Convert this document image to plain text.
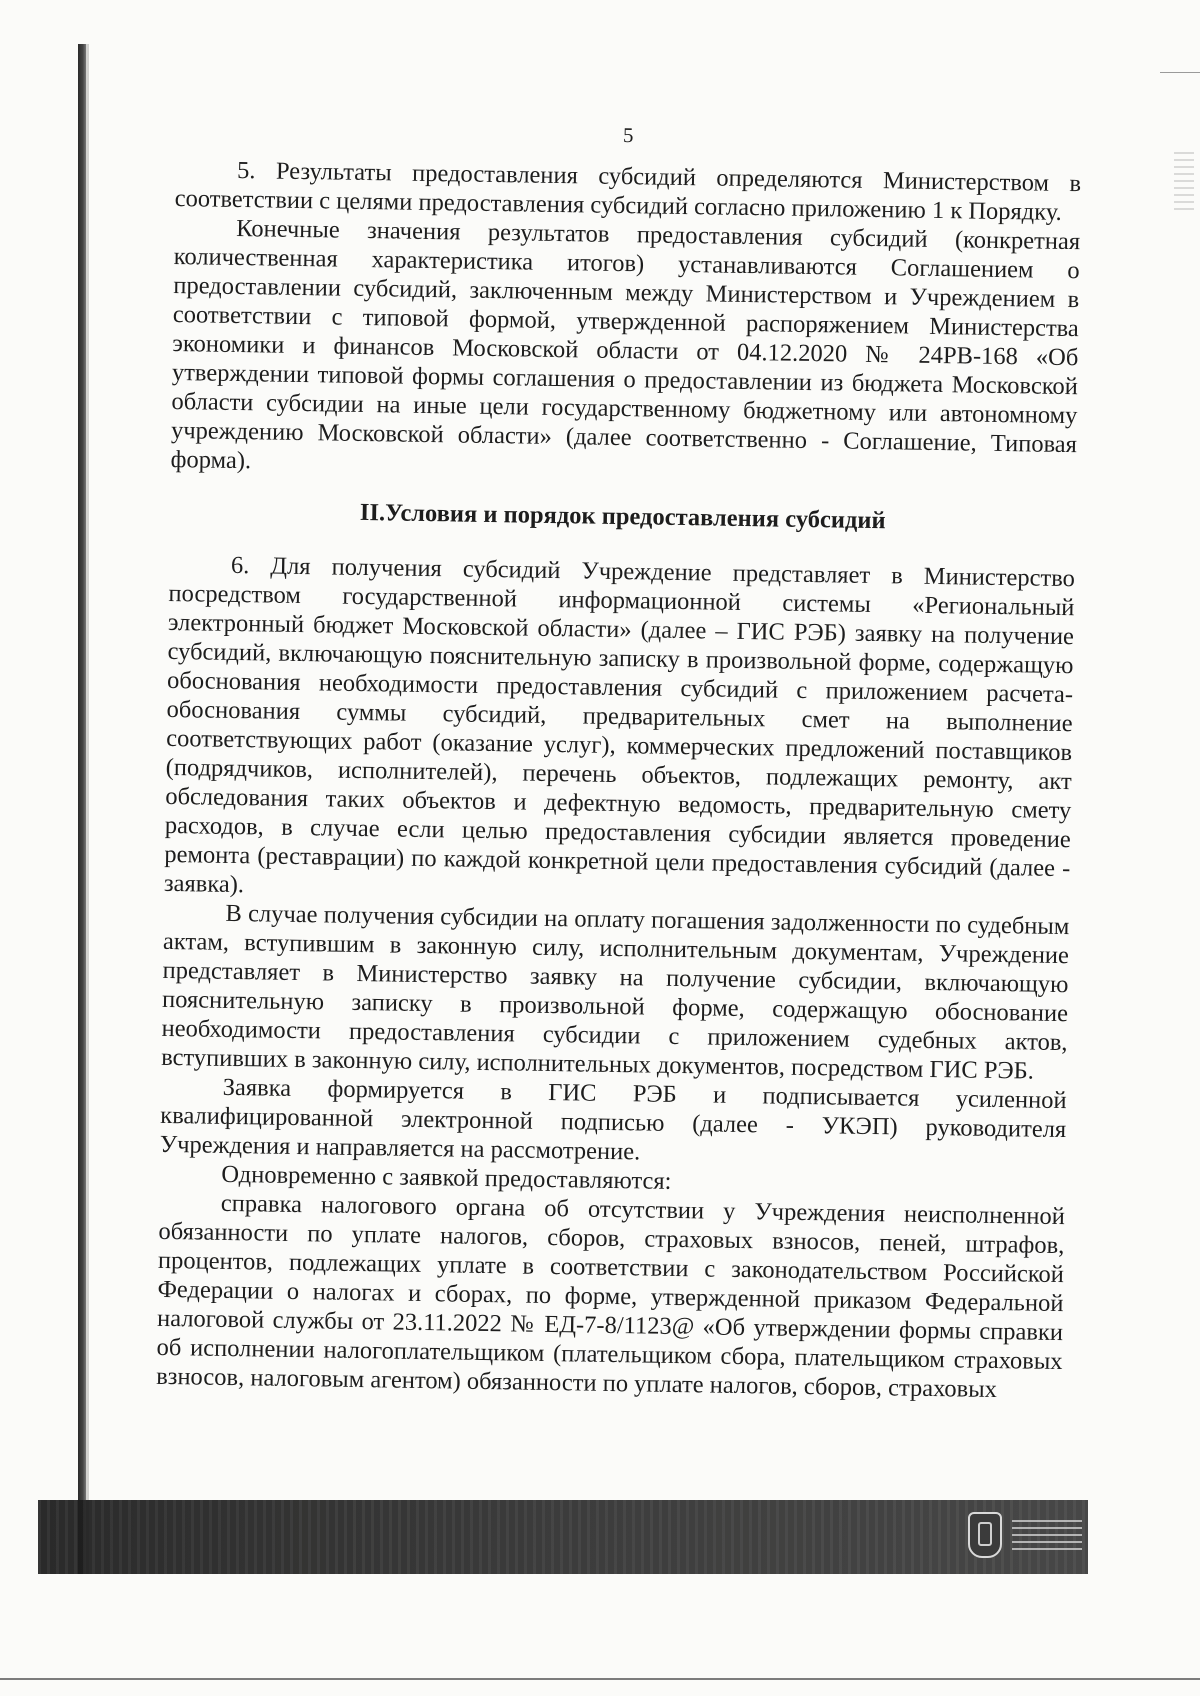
5

5. Результаты предоставления субсидий определяются Министерством в соответствии с целями предоставления субсидий согласно приложению 1 к Порядку.

Конечные значения результатов предоставления субсидий (конкретная количественная характеристика итогов) устанавливаются Соглашением о предоставлении субсидий, заключенным между Министерством и Учреждением в соответствии с типовой формой, утвержденной распоряжением Министерства экономики и финансов Московской области от 04.12.2020 № 24РВ-168 «Об утверждении типовой формы соглашения о предоставлении из бюджета Московской области субсидии на иные цели государственному бюджетному или автономному учреждению Московской области» (далее соответственно - Соглашение, Типовая форма).

II.Условия и порядок предоставления субсидий

6. Для получения субсидий Учреждение представляет в Министерство посредством государственной информационной системы «Региональный электронный бюджет Московской области» (далее – ГИС РЭБ) заявку на получение субсидий, включающую пояснительную записку в произвольной форме, содержащую обоснования необходимости предоставления субсидий с приложением расчета-обоснования суммы субсидий, предварительных смет на выполнение соответствующих работ (оказание услуг), коммерческих предложений поставщиков (подрядчиков, исполнителей), перечень объектов, подлежащих ремонту, акт обследования таких объектов и дефектную ведомость, предварительную смету расходов, в случае если целью предоставления субсидии является проведение ремонта (реставрации) по каждой конкретной цели предоставления субсидий (далее - заявка).

В случае получения субсидии на оплату погашения задолженности по судебным актам, вступившим в законную силу, исполнительным документам, Учреждение представляет в Министерство заявку на получение субсидии, включающую пояснительную записку в произвольной форме, содержащую обоснование необходимости предоставления субсидии с приложением судебных актов, вступивших в законную силу, исполнительных документов, посредством ГИС РЭБ.

Заявка формируется в ГИС РЭБ и подписывается усиленной квалифицированной электронной подписью (далее - УКЭП) руководителя Учреждения и направляется на рассмотрение.

Одновременно с заявкой предоставляются:

справка налогового органа об отсутствии у Учреждения неисполненной обязанности по уплате налогов, сборов, страховых взносов, пеней, штрафов, процентов, подлежащих уплате в соответствии с законодательством Российской Федерации о налогах и сборах, по форме, утвержденной приказом Федеральной налоговой службы от 23.11.2022 № ЕД-7-8/1123@ «Об утверждении формы справки об исполнении налогоплательщиком (плательщиком сбора, плательщиком страховых взносов, налоговым агентом) обязанности по уплате налогов, сборов, страховых
